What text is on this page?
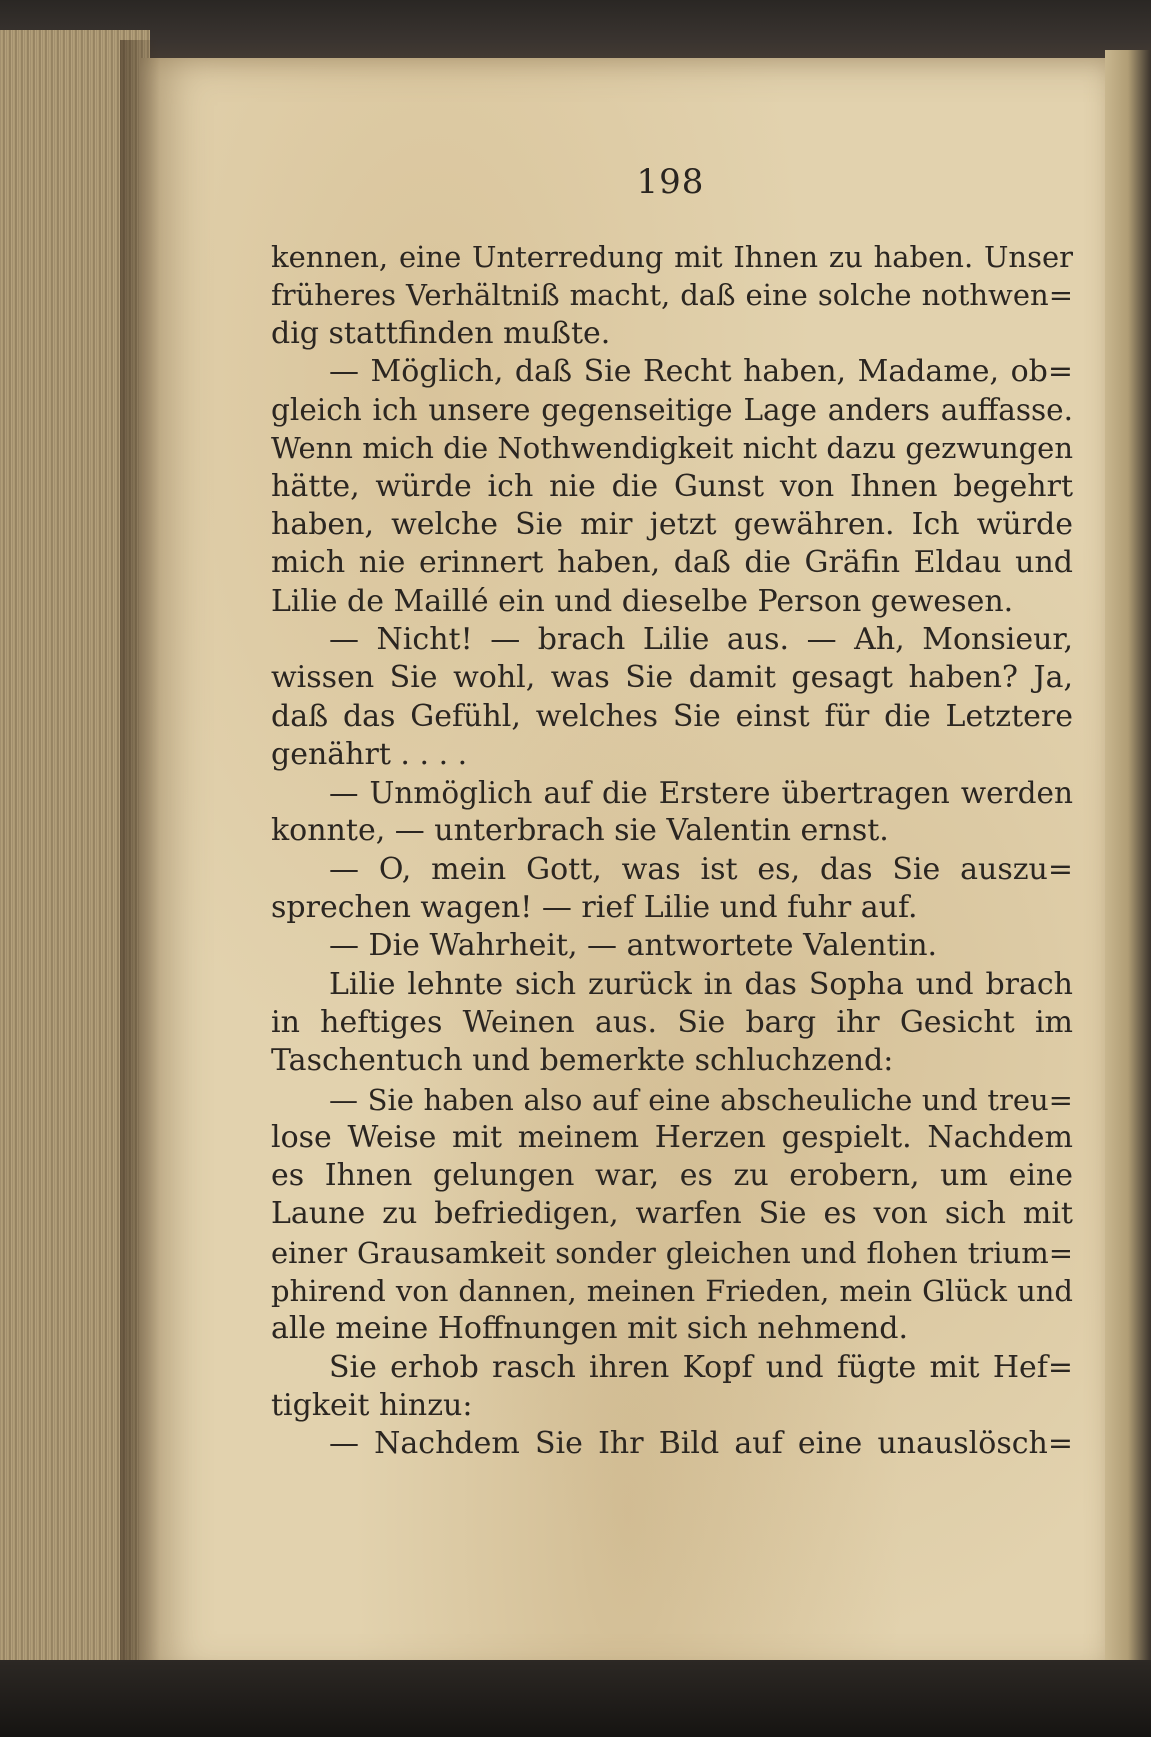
198
kennen, eine Unterredung mit Ihnen zu haben. Unser
früheres Verhältniß macht, daß eine solche nothwen=
dig stattfinden mußte.
— Möglich, daß Sie Recht haben, Madame, ob=
gleich ich unsere gegenseitige Lage anders auffasse.
Wenn mich die Nothwendigkeit nicht dazu gezwungen
hätte, würde ich nie die Gunst von Ihnen begehrt
haben, welche Sie mir jetzt gewähren. Ich würde
mich nie erinnert haben, daß die Gräfin Eldau und
Lilie de Maillé ein und dieselbe Person gewesen.
— Nicht! — brach Lilie aus. — Ah, Monsieur,
wissen Sie wohl, was Sie damit gesagt haben? Ja,
daß das Gefühl, welches Sie einst für die Letztere
genährt . . . .
— Unmöglich auf die Erstere übertragen werden
konnte, — unterbrach sie Valentin ernst.
— O, mein Gott, was ist es, das Sie auszu=
sprechen wagen! — rief Lilie und fuhr auf.
— Die Wahrheit, — antwortete Valentin.
Lilie lehnte sich zurück in das Sopha und brach
in heftiges Weinen aus. Sie barg ihr Gesicht im
Taschentuch und bemerkte schluchzend:
— Sie haben also auf eine abscheuliche und treu=
lose Weise mit meinem Herzen gespielt. Nachdem
es Ihnen gelungen war, es zu erobern, um eine
Laune zu befriedigen, warfen Sie es von sich mit
einer Grausamkeit sonder gleichen und flohen trium=
phirend von dannen, meinen Frieden, mein Glück und
alle meine Hoffnungen mit sich nehmend.
Sie erhob rasch ihren Kopf und fügte mit Hef=
tigkeit hinzu:
— Nachdem Sie Ihr Bild auf eine unauslösch=
